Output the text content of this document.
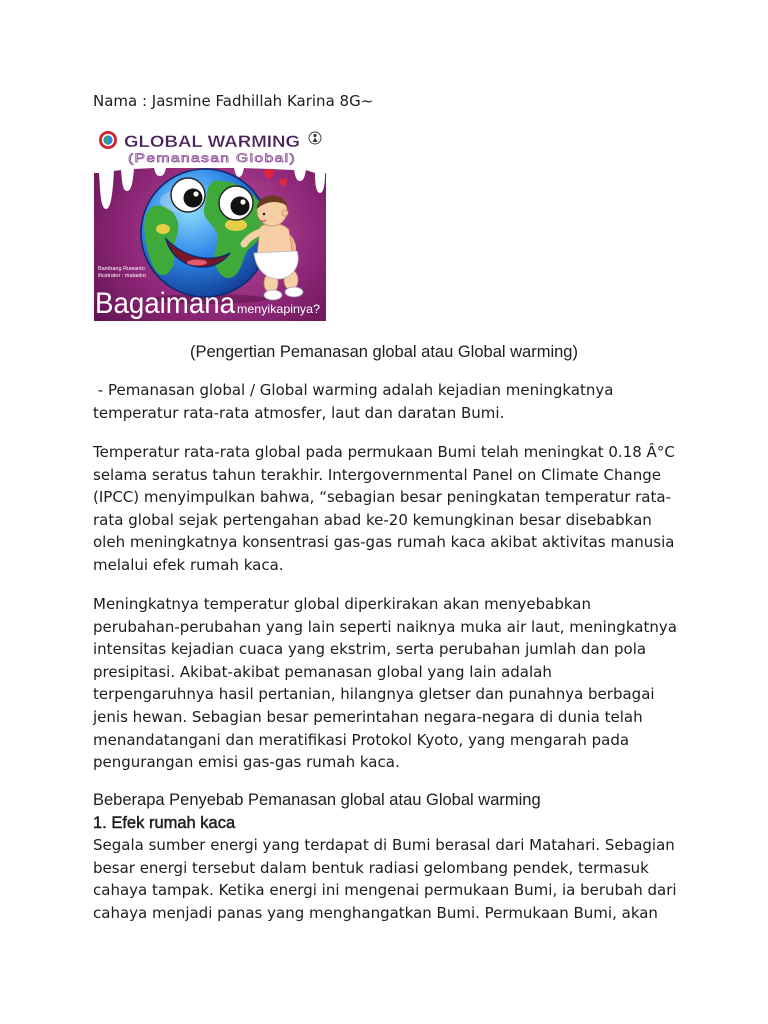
Nama : Jasmine Fadhillah Karina 8G~
GLOBAL WARMING
(Pemanasan Global)
Bambang Ruwanto
illustrator : mataeko
Bagaimana menyikapinya?
(Pengertian Pemanasan global atau Global warming)
- Pemanasan global / Global warming adalah kejadian meningkatnya
temperatur rata-rata atmosfer, laut dan daratan Bumi.
Temperatur rata-rata global pada permukaan Bumi telah meningkat 0.18 Â°C
selama seratus tahun terakhir. Intergovernmental Panel on Climate Change
(IPCC) menyimpulkan bahwa, “sebagian besar peningkatan temperatur rata-
rata global sejak pertengahan abad ke-20 kemungkinan besar disebabkan
oleh meningkatnya konsentrasi gas-gas rumah kaca akibat aktivitas manusia
melalui efek rumah kaca.
Meningkatnya temperatur global diperkirakan akan menyebabkan
perubahan-perubahan yang lain seperti naiknya muka air laut, meningkatnya
intensitas kejadian cuaca yang ekstrim, serta perubahan jumlah dan pola
presipitasi. Akibat-akibat pemanasan global yang lain adalah
terpengaruhnya hasil pertanian, hilangnya gletser dan punahnya berbagai
jenis hewan. Sebagian besar pemerintahan negara-negara di dunia telah
menandatangani dan meratifikasi Protokol Kyoto, yang mengarah pada
pengurangan emisi gas-gas rumah kaca.
Beberapa Penyebab Pemanasan global atau Global warming
1. Efek rumah kaca
Segala sumber energi yang terdapat di Bumi berasal dari Matahari. Sebagian
besar energi tersebut dalam bentuk radiasi gelombang pendek, termasuk
cahaya tampak. Ketika energi ini mengenai permukaan Bumi, ia berubah dari
cahaya menjadi panas yang menghangatkan Bumi. Permukaan Bumi, akan
